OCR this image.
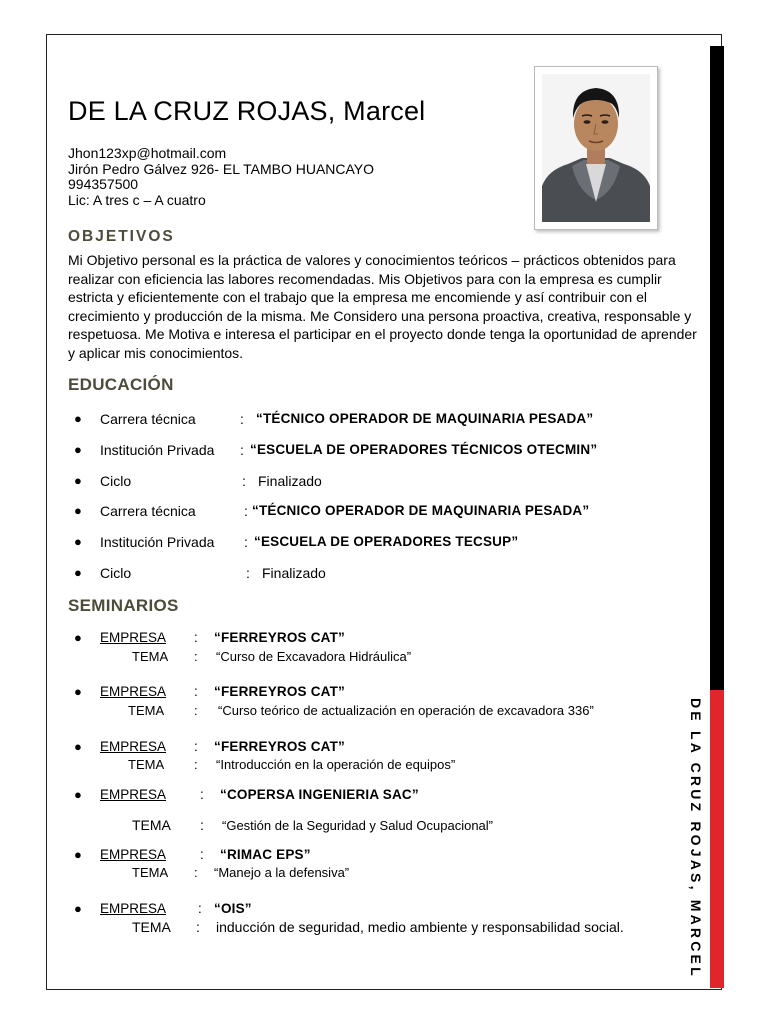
DE LA CRUZ ROJAS, MARCEL
DE LA CRUZ ROJAS, Marcel
Jhon123xp@hotmail.com
Jirón Pedro Gálvez 926- EL TAMBO HUANCAYO
994357500
Lic: A tres c – A cuatro
OBJETIVOS

Mi Objetivo personal es la práctica de valores y conocimientos teóricos – prácticos obtenidos para realizar con eficiencia las labores recomendadas. Mis Objetivos para con la empresa es cumplir estricta y eficientemente con el trabajo que la empresa me encomiende y así contribuir con el crecimiento y producción de la misma. Me Considero una persona proactiva, creativa, responsable y respetuosa. Me Motiva e interesa el participar en el proyecto donde tenga la oportunidad de aprender y aplicar mis conocimientos.

EDUCACIÓN
● Carrera técnica	: “TÉCNICO OPERADOR DE MAQUINARIA PESADA”
● Institución Privada : “ESCUELA DE OPERADORES TÉCNICOS OTECMIN”
● Ciclo	: Finalizado
● Carrera técnica	: “TÉCNICO OPERADOR DE MAQUINARIA PESADA”
● Institución Privada : “ESCUELA DE OPERADORES TECSUP”
● Ciclo	: Finalizado
SEMINARIOS
● EMPRESA : “FERREYROS CAT”
TEMA : “Curso de Excavadora Hidráulica”
● EMPRESA : “FERREYROS CAT”
TEMA : “Curso teórico de actualización en operación de excavadora 336”
● EMPRESA : “FERREYROS CAT”
TEMA : “Introducción en la operación de equipos”
● EMPRESA	: “COPERSA INGENIERIA SAC”
TEMA : “Gestión de la Seguridad y Salud Ocupacional”
● EMPRESA	: “RIMAC EPS”
TEMA : “Manejo a la defensiva”
● EMPRESA : “OIS”
TEMA : inducción de seguridad, medio ambiente y responsabilidad social.
